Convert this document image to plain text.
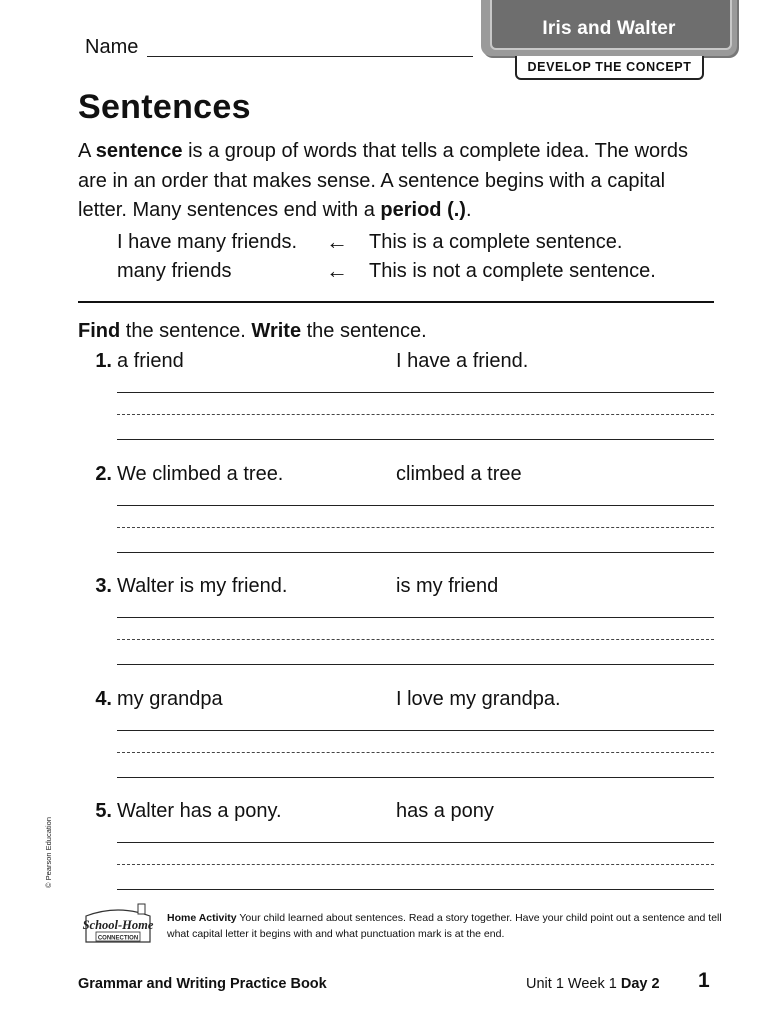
Iris and Walter
DEVELOP THE CONCEPT
Name
Sentences
A sentence is a group of words that tells a complete idea. The words are in an order that makes sense. A sentence begins with a capital letter. Many sentences end with a period (.).
I have many friends. ← This is a complete sentence.
many friends	← This is not a complete sentence.
Find the sentence. Write the sentence.
1. a friend	I have a friend.
2. We climbed a tree.	climbed a tree
3. Walter is my friend.	is my friend
4. my grandpa	I love my grandpa.
5. Walter has a pony.	has a pony
© Pearson Education
School-Home
CONNECTION
Home Activity Your child learned about sentences. Read a story together. Have your child point out a sentence and tell what capital letter it begins with and what punctuation mark is at the end.
Grammar and Writing Practice Book	Unit 1 Week 1 Day 2 1
